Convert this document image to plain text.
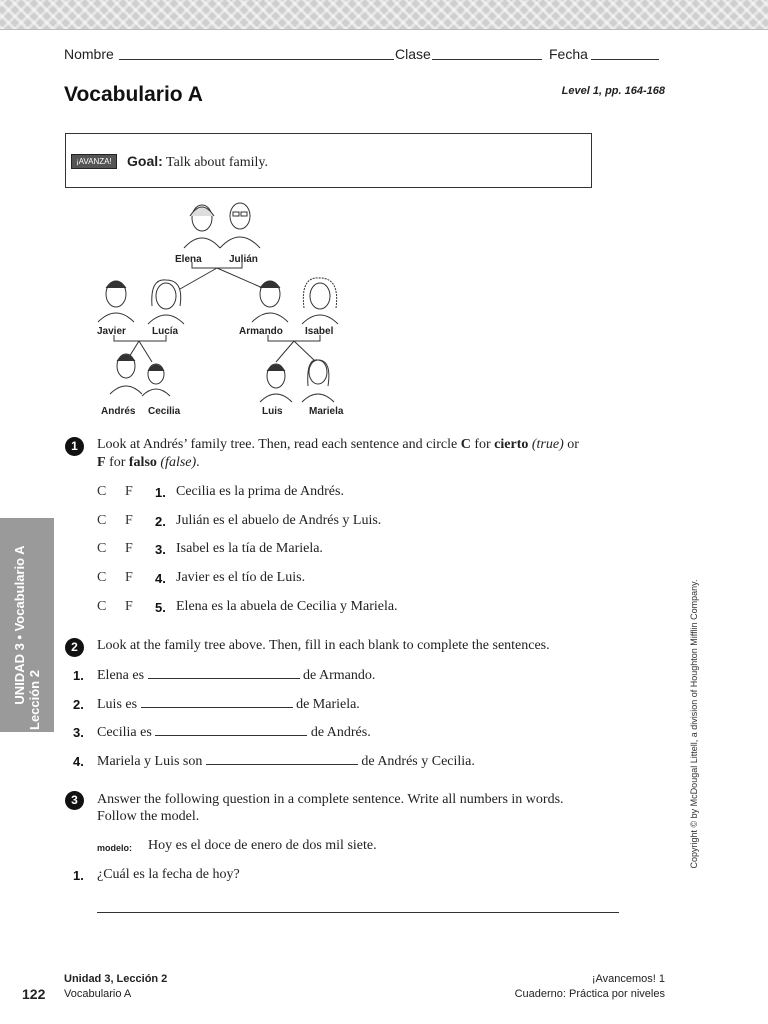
Nombre	Clase	Fecha
Vocabulario A	Level 1, pp. 164-168
¡AVANZA!	Goal: Talk about family.
Elena	Julián
Javier	Lucía	Armando Isabel
Andrés Cecilia	Luis	Mariela
1	Look at Andrés’ family tree. Then, read each sentence and circle C for cierto (true) or
F for falso (false).
C F 1. Cecilia es la prima de Andrés.
C F 2. Julián es el abuelo de Andrés y Luis.
C F 3. Isabel es la tía de Mariela.
C F 4. Javier es el tío de Luis.
C F 5. Elena es la abuela de Cecilia y Mariela.
2	Look at the family tree above. Then, fill in each blank to complete the sentences.
1. Elena es	de Armando.
2. Luis es	de Mariela.
3. Cecilia es	de Andrés.
4. Mariela y Luis son	de Andrés y Cecilia.
3	Answer the following question in a complete sentence. Write all numbers in words.
Follow the model.
modelo: Hoy es el doce de enero de dos mil siete.
1. ¿Cuál es la fecha de hoy?
UNIDAD 3 • Vocabulario A Lección 2	Copyright © by McDougal Littell, a division of Houghton Mifflin Company.
122
Unidad 3, Lección 2
Vocabulario A
¡Avancemos! 1
Cuaderno: Práctica por niveles
